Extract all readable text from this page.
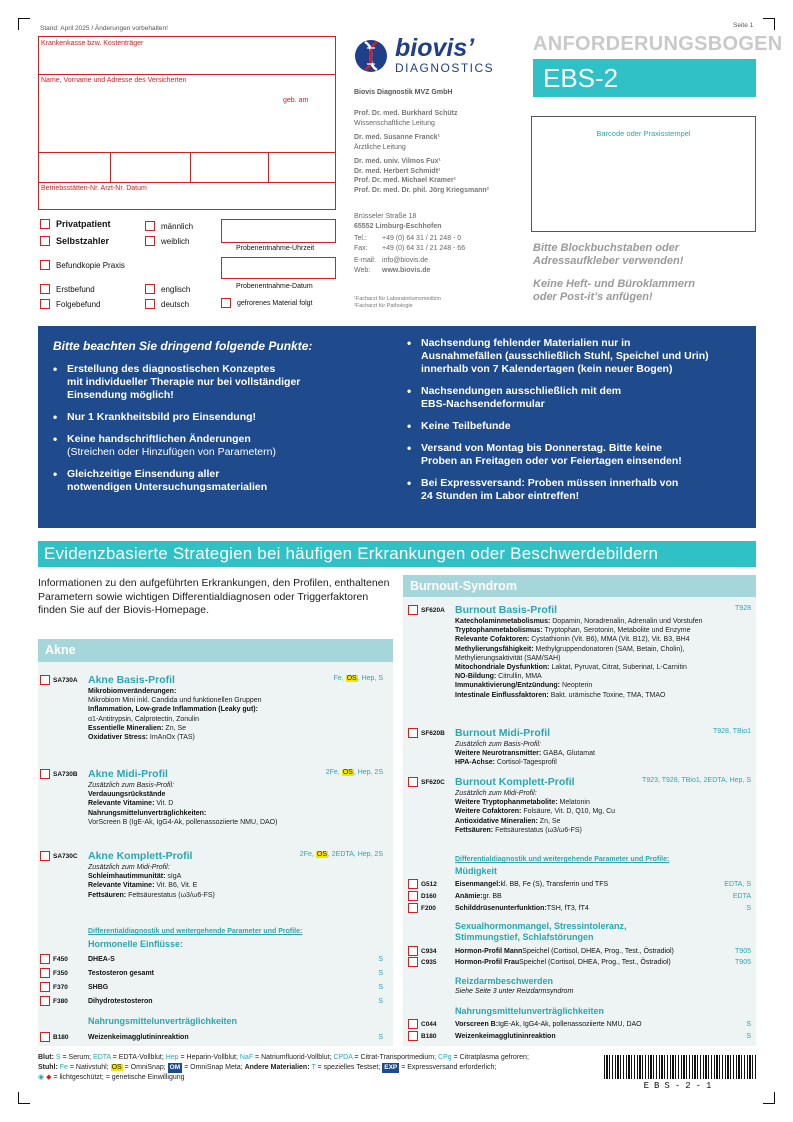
Stand: April 2025 / Änderungen vorbehalten!	Seite 1
Krankenkasse bzw. Kostenträger
Name, Vorname und Adresse des Versicherten
geb. am
Betriebsstätten-Nr. Arzt-Nr. Datum
Privatpatient
Selbstzahler
Befundkopie Praxis
Erstbefund
Folgebefund
männlich
weiblich
englisch
deutsch
Probenentnahme-Uhrzeit
Probenentnahme-Datum
gefrorenes Material folgt
biovis’
DIAGNOSTICS
Biovis Diagnostik MVZ GmbH
Prof. Dr. med. Burkhard Schütz
Wissenschaftliche Leitung
Dr. med. Susanne Franck¹
Ärztliche Leitung
Dr. med. univ. Vilmos Fux¹
Dr. med. Herbert Schmidt¹
Prof. Dr. med. Michael Kramer¹
Prof. Dr. med. Dr. phil. Jörg Kriegsmann²
Brüsseler Straße 18
65552 Limburg-Eschhofen
Tel.: +49 (0) 64 31 / 21 248 - 0
Fax: +49 (0) 64 31 / 21 248 - 66
E-mail: info@biovis.de
Web: www.biovis.de
¹Facharzt für Laboratoriumsmedizin
²Facharzt für Pathologie
ANFORDERUNGSBOGEN
EBS-2
Barcode oder Praxisstempel
Bitte Blockbuchstaben oder
Adressaufkleber verwenden!
Keine Heft- und Büroklammern
oder Post-it’s anfügen!
Bitte beachten Sie dringend folgende Punkte:
• Erstellung des diagnostischen Konzeptes
mit individueller Therapie nur bei vollständiger
Einsendung möglich!
• Nur 1 Krankheitsbild pro Einsendung!
• Keine handschriftlichen Änderungen
(Streichen oder Hinzufügen von Parametern)
• Gleichzeitige Einsendung aller
notwendigen Untersuchungsmaterialien
• Nachsendung fehlender Materialien nur in
Ausnahmefällen (ausschließlich Stuhl, Speichel und Urin)
innerhalb von 7 Kalendertagen (kein neuer Bogen)
• Nachsendungen ausschließlich mit dem
EBS-Nachsendeformular
• Keine Teilbefunde
• Versand von Montag bis Donnerstag. Bitte keine
Proben an Freitagen oder vor Feiertagen einsenden!
• Bei Expressversand: Proben müssen innerhalb von
24 Stunden im Labor eintreffen!
Evidenzbasierte Strategien bei häufigen Erkrankungen oder Beschwerdebildern
Informationen zu den aufgeführten Erkrankungen, den Profilen, enthaltenen Parametern sowie wichtigen Differentialdiagnosen oder Triggerfaktoren finden Sie auf der Biovis-Homepage.
Akne
SA730A Akne Basis-Profil	Fe, OS, Hep, S
Mikrobiomveränderungen:
Mikrobiom Mini inkl. Candida und funktionellen Gruppen
Inflammation, Low-grade Inflammation (Leaky gut):
α1-Antitrypsin, Calprotectin, Zonulin
Essentielle Mineralien: Zn, Se
Oxidativer Stress: ImAnOx (TAS)
SA730B Akne Midi-Profil	2Fe, OS, Hep, 2S
Zusätzlich zum Basis-Profil:
Verdauungsrückstände
Relevante Vitamine: Vit. D
Nahrungsmittelunverträglichkeiten:
VorScreen B (IgE-Ak, IgG4-Ak, pollenassoziierte NMU, DAO)
SA730C Akne Komplett-Profil	2Fe, OS, 2EDTA, Hep, 2S
Zusätzlich zum Midi-Profil:
Schleimhautimmunität: sIgA
Relevante Vitamine: Vit. B6, Vit. E
Fettsäuren: Fettsäurestatus (ω3/ω6-FS)
Differentialdiagnostik und weitergehende Parameter und Profile:
Hormonelle Einflüsse:
F450	DHEA-S	S
F350	Testosteron gesamt	S
F370	SHBG	S
F380	Dihydrotestosteron	S
Nahrungsmittelunverträglichkeiten
B180	Weizenkeimagglutininreaktion	S
Burnout-Syndrom
SF620A Burnout Basis-Profil	T928
Katecholaminmetabolismus: Dopamin, Noradrenalin, Adrenalin und Vorstufen
Tryptophanmetabolismus: Tryptophan, Serotonin, Metabolite und Enzyme
Relevante Cofaktoren: Cystathionin (Vit. B6), MMA (Vit. B12), Vit. B3, BH4
Methylierungsfähigkeit: Methylgruppendonatoren (SAM, Betain, Cholin),
Methylierungsaktivität (SAM/SAH)
Mitochondriale Dysfunktion: Laktat, Pyruvat, Citrat, Suberinat, L-Carnitin
NO-Bildung: Citrullin, MMA
Immunaktivierung/Entzündung: Neopterin
Intestinale Einflussfaktoren: Bakt. urämische Toxine, TMA, TMAO
SF620B Burnout Midi-Profil	T928, TBio1
Zusätzlich zum Basis-Profil:
Weitere Neurotransmitter: GABA, Glutamat
HPA-Achse: Cortisol-Tagesprofil
SF620C Burnout Komplett-Profil	T923, T928, TBio1, 2EDTA, Hep, S
Zusätzlich zum Midi-Profil:
Weitere Tryptophanmetabolite: Melatonin
Weitere Cofaktoren: Folsäure, Vit. D, Q10, Mg, Cu
Antioxidative Mineralien: Zn, Se
Fettsäuren: Fettsäurestatus (ω3/ω6-FS)
Differentialdiagnostik und weitergehende Parameter und Profile:
Müdigkeit
G512	Eisenmangel: kl. BB, Fe (S), Transferrin und TFS	EDTA, S
D160	Anämie: gr. BB	EDTA
F200	Schilddrüsenunterfunktion: TSH, fT3, fT4	S
Sexualhormonmangel, Stressintoleranz,
Stimmungstief, Schlafstörungen
C934	Hormon-Profil Mann Speichel (Cortisol, DHEA, Prog., Test., Östradiol)	T905
C935	Hormon-Profil Frau Speichel (Cortisol, DHEA, Prog., Test., Östradiol)	T905
Reizdarmbeschwerden
Siehe Seite 3 unter Reizdarmsyndrom
Nahrungsmittelunverträglichkeiten
C044	Vorscreen B: IgE-Ak, IgG4-Ak, pollenassoziierte NMU, DAO	S
B180	Weizenkeimagglutininreaktion	S
Blut: S = Serum; EDTA = EDTA-Vollblut; Hep = Heparin-Vollblut; NaF = Natriumfluorid-Vollblut; CPDA = Citrat-Transportmedium; CPg = Citratplasma gefroren;
Stuhl: Fe = Nativstuhl; OS = OmniSnap; OM = OmniSnap Meta; Andere Materialien: T = spezielles Testset; EXP = Expressversand erforderlich;
◉ ◆ = lichtgeschützt; = genetische Einwilligung
EBS-2-1
